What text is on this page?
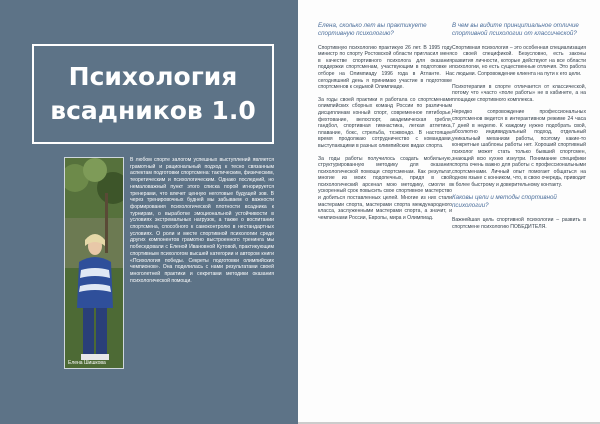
Психология всадников 1.0
Елена Шишкова

В любом спорте залогом успешных выступлений является грамотный и рациональный подход к тесно связанным аспектам подготовки спортсмена: тактическим, физическим, теоретическим и психологическим. Однако последний, но немаловажный пункт этого списка порой игнорируется тренерами, что влечет ценную неготовые будущей зов. В через тренировочных будней мы забываем о важности формирования психологической плотности всадника к турнирам, о выработке эмоциональной устойчивости в условиях экстремальных нагрузок, а также о воспитании спортсмена, способного к самоконтролю в нестандартных условиях. О роли и месте спортивной психологии среди других компонентов грамотно выстроенного тренинга мы побеседовали с Еленой Ивановной Кутовой, практикующим спортивным психологом высшей категории и автором книги «Психология победы. Секреты подготовки олимпийских чемпионов». Она поделилась с нами результатами своей многолетней практики и секретами методики оказания психологической помощи.

Елена, сколько лет вы практикуете спортивную психологию?

Спортивную психологию практикую 26 лет. В 1995 году министр по спорту Ростовской области пригласил меня в качестве спортивного психолога для оказания поддержки спортсменам, участвующим в подготовке и отборе на Олимпиаду 1996 года в Атланте. На сегодняшний день я принимаю участие в подготовке спортсменов к седьмой Олимпиаде.

За годы своей практики я работала со спортсменами олимпийских сборных команд России по различным дисциплинам конный спорт, современное пятиборье, фехтование, велоспорт, академическая гребля, гандбол, спортивная гимнастика, легкая атлетика, плавание, бокс, стрельба, тхэквондо. В настоящее время продолжаю сотрудничество с командами, выступающими в разных олимпийских видах спорта.

За годы работы получилось создать мобильную, структурированную методику для оказания психологической помощи спортсменам. Как результат, многие из моих подопечных, придя в свой психологический арсенал мою методику, смогли в ускоренный срок повысить свое спортивное мастерство и добиться поставленных целей. Многие из них стали мастерами спорта, мастерами спорта международного класса, заслуженными мастерами спорта, а значит, и чемпионами России, Европы, мира и Олимпиад.

В чем вы видите принципиальное отличие спортивной психологии от классической?

Спортивная психология – это особенная специализация со своей спецификой. Безусловно, есть законы развития личности, которые действуют на все области психологии, но есть существенные отличия. Это работа с людьми. Сопровождение клиента на пути к его цели.

Психотерапия в спорте отличается от классической, потому что «часто «поле работы» не в кабинете, а на площадке спортивного комплекса.

Нередко сопровождение профессиональных спортсменов ведется в интерактивном режиме 24 часа 7 дней в неделю. К каждому нужно подобрать свой, абсолютно индивидуальный подход, отдельный уникальный механизм работы, поэтому какие-то конкретные шаблоны работы нет. Хороший спортивный психолог может стать только бывший спортсмен, знающий всю кухню изнутри. Понимание специфики спорта очень важно для работы с профессиональными спортсменами. Личный опыт помогает общаться на одном языке с конником, что, в свою очередь, приводит к более быстрому и доверительному контакту.

Каковы цели и методы спортивной психологии?

Важнейшая цель спортивной психологии – развить в спортсмене психологию ПОБЕДИТЕЛЯ.
